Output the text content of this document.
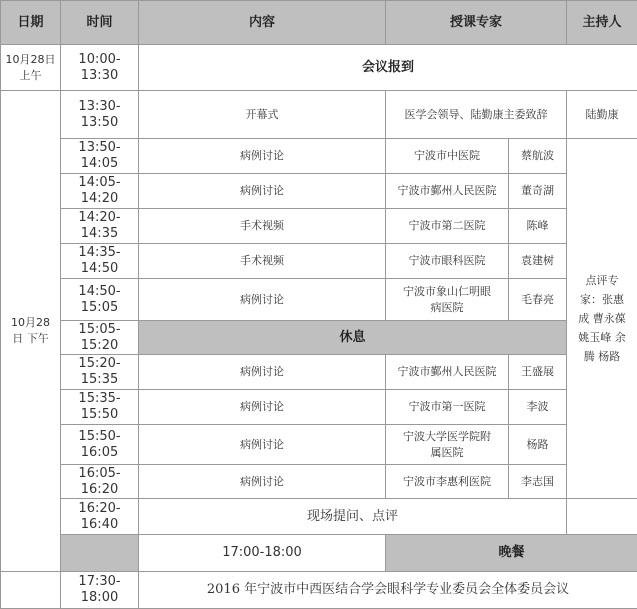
日期	时间	内容	授课专家		主持人
10月28日 上午	10:00-13:30	会议报到			
10月28日 下午	13:30-13:50	开幕式	医学会领导、陆勤康主委致辞		陆勤康
	13:50-14:05	病例讨论	宁波市中医院	蔡航波	点评专家：张惠成 曹永葆 姚玉峰 余腾 杨路
	14:05-14:20	病例讨论	宁波市鄞州人民医院	董奇湖	
	14:20-14:35	手术视频	宁波市第二医院	陈峰	
	14:35-14:50	手术视频	宁波市眼科医院	袁建树	
	14:50-15:05	病例讨论	宁波市象山仁明眼病医院	毛春亮	
	15:05-15:20	休息			
	15:20-15:35	病例讨论	宁波市鄞州人民医院	王盛展	
	15:35-15:50	病例讨论	宁波市第一医院	李波	
	15:50-16:05	病例讨论	宁波大学医学院附属医院	杨路	
	16:05-16:20	病例讨论	宁波市李惠利医院	李志国	
	16:20-16:40	现场提问、点评			
		17:00-18:00	晚餐		
	17:30-18:00	2016 年宁波市中西医结合学会眼科学专业委员会全体委员会议			
